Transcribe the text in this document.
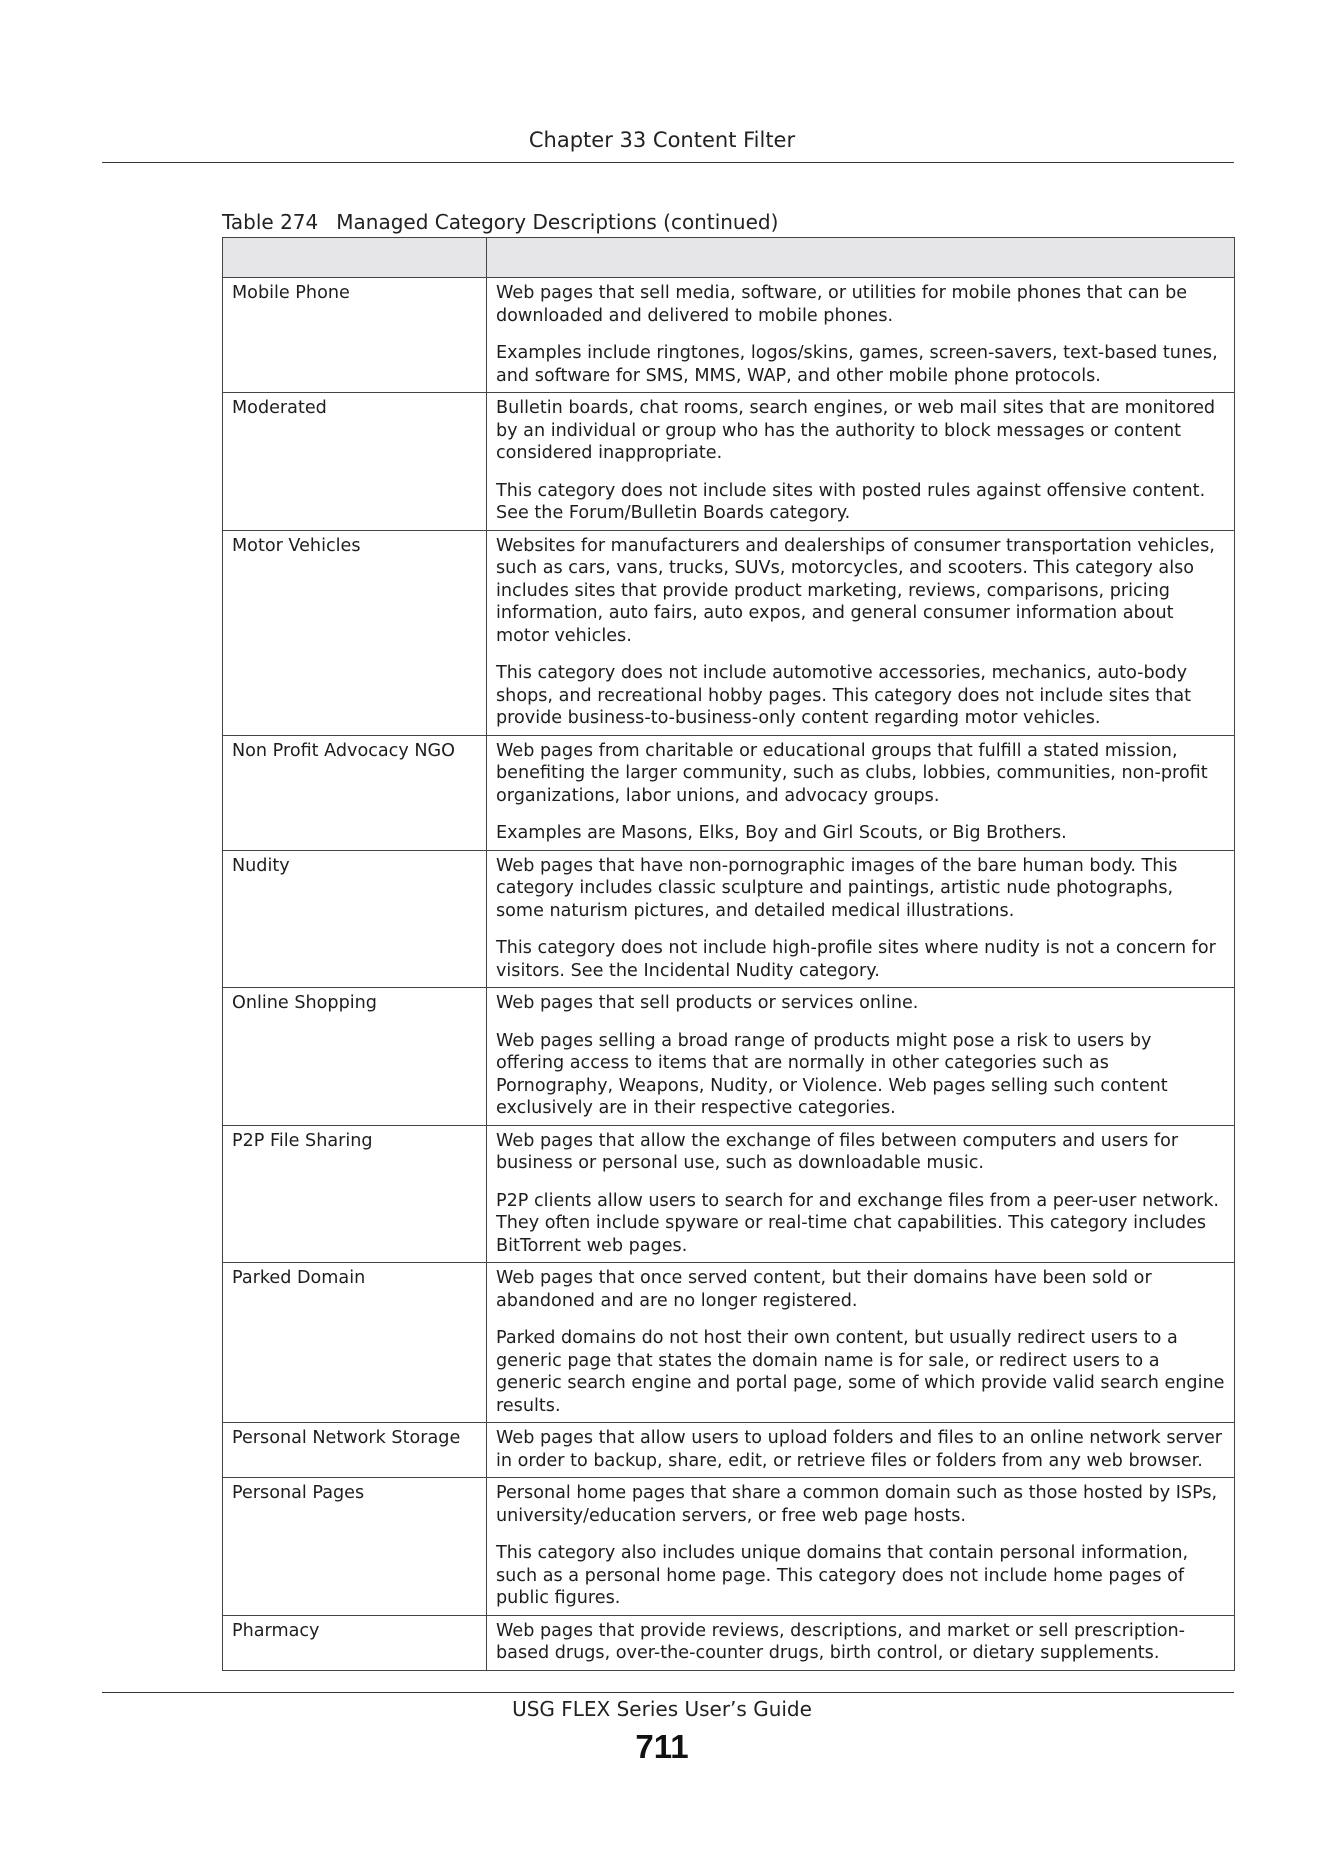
Chapter 33 Content Filter
Table 274 Managed Category Descriptions (continued)

Mobile Phone	Web pages that sell media, software, or utilities for mobile phones that can be downloaded and delivered to mobile phones.

Examples include ringtones, logos/skins, games, screen-savers, text-based tunes, and software for SMS, MMS, WAP, and other mobile phone protocols.

Moderated	Bulletin boards, chat rooms, search engines, or web mail sites that are monitored by an individual or group who has the authority to block messages or content considered inappropriate.

This category does not include sites with posted rules against offensive content. See the Forum/Bulletin Boards category.

Motor Vehicles	Websites for manufacturers and dealerships of consumer transportation vehicles, such as cars, vans, trucks, SUVs, motorcycles, and scooters. This category also includes sites that provide product marketing, reviews, comparisons, pricing information, auto fairs, auto expos, and general consumer information about motor vehicles.

This category does not include automotive accessories, mechanics, auto-body shops, and recreational hobby pages. This category does not include sites that provide business-to-business-only content regarding motor vehicles.

Non Profit Advocacy NGO	Web pages from charitable or educational groups that fulfill a stated mission, benefiting the larger community, such as clubs, lobbies, communities, non-profit organizations, labor unions, and advocacy groups.

Examples are Masons, Elks, Boy and Girl Scouts, or Big Brothers.

Nudity	Web pages that have non-pornographic images of the bare human body. This category includes classic sculpture and paintings, artistic nude photographs, some naturism pictures, and detailed medical illustrations.

This category does not include high-profile sites where nudity is not a concern for visitors. See the Incidental Nudity category.

Online Shopping	Web pages that sell products or services online.

Web pages selling a broad range of products might pose a risk to users by offering access to items that are normally in other categories such as Pornography, Weapons, Nudity, or Violence. Web pages selling such content exclusively are in their respective categories.

P2P File Sharing	Web pages that allow the exchange of files between computers and users for business or personal use, such as downloadable music.

P2P clients allow users to search for and exchange files from a peer-user network. They often include spyware or real-time chat capabilities. This category includes BitTorrent web pages.

Parked Domain	Web pages that once served content, but their domains have been sold or abandoned and are no longer registered.

Parked domains do not host their own content, but usually redirect users to a generic page that states the domain name is for sale, or redirect users to a generic search engine and portal page, some of which provide valid search engine results.

Personal Network Storage	Web pages that allow users to upload folders and files to an online network server in order to backup, share, edit, or retrieve files or folders from any web browser.

Personal Pages	Personal home pages that share a common domain such as those hosted by ISPs, university/education servers, or free web page hosts.

This category also includes unique domains that contain personal information, such as a personal home page. This category does not include home pages of public figures.

Pharmacy	Web pages that provide reviews, descriptions, and market or sell prescription-based drugs, over-the-counter drugs, birth control, or dietary supplements.

USG FLEX Series User’s Guide
711
